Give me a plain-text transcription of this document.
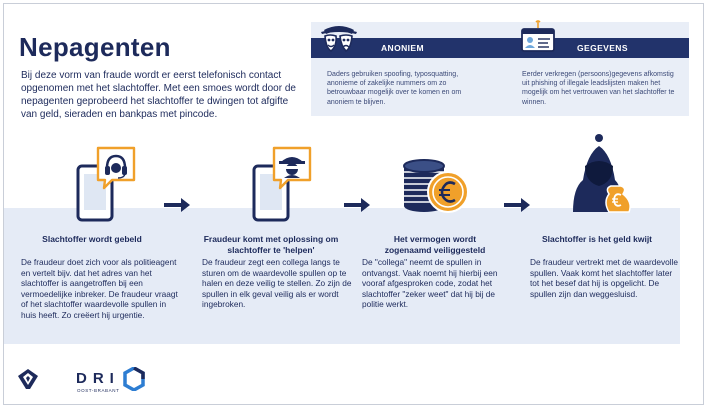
Nepagenten

Bij deze vorm van fraude wordt er eerst telefonisch contact opgenomen met het slachtoffer. Met een smoes wordt door de nepagenten geprobeerd het slachtoffer te dwingen tot afgifte van geld, sieraden en bankpas met pincode.

ANONIEM

Daders gebruiken spoofing, typosquatting, anonieme of zakelijke nummers om zo betrouwbaar mogelijk over te komen en om anoniem te blijven.

GEGEVENS

Eerder verkregen (persoons)gegevens afkomstig uit phishing of illegale leadslijsten maken het mogelijk om het vertrouwen van het slachtoffer te winnen.

Slachtoffer wordt gebeld

De fraudeur doet zich voor als politieagent en vertelt bijv. dat het adres van het slachtoffer is aangetroffen bij een vermoedelijke inbreker. De fraudeur vraagt of het slachtoffer waardevolle spullen in huis heeft. Zo creëert hij urgentie.

Fraudeur komt met oplossing om slachtoffer te 'helpen'

De fraudeur zegt een collega langs te sturen om de waardevolle spullen op te halen en deze veilig te stellen. Zo zijn de spullen in elk geval veilig als er wordt ingebroken.

Het vermogen wordt zogenaamd veiliggesteld

De "collega" neemt de spullen in ontvangst. Vaak noemt hij hierbij een vooraf afgesproken code, zodat het slachtoffer "zeker weet" dat hij bij de politie werkt.

Slachtoffer is het geld kwijt

De fraudeur vertrekt met de waardevolle spullen. Vaak komt het slachtoffer later tot het besef dat hij is opgelicht. De spullen zijn dan weggesluisd.

DRI
OOST-BRABANT
